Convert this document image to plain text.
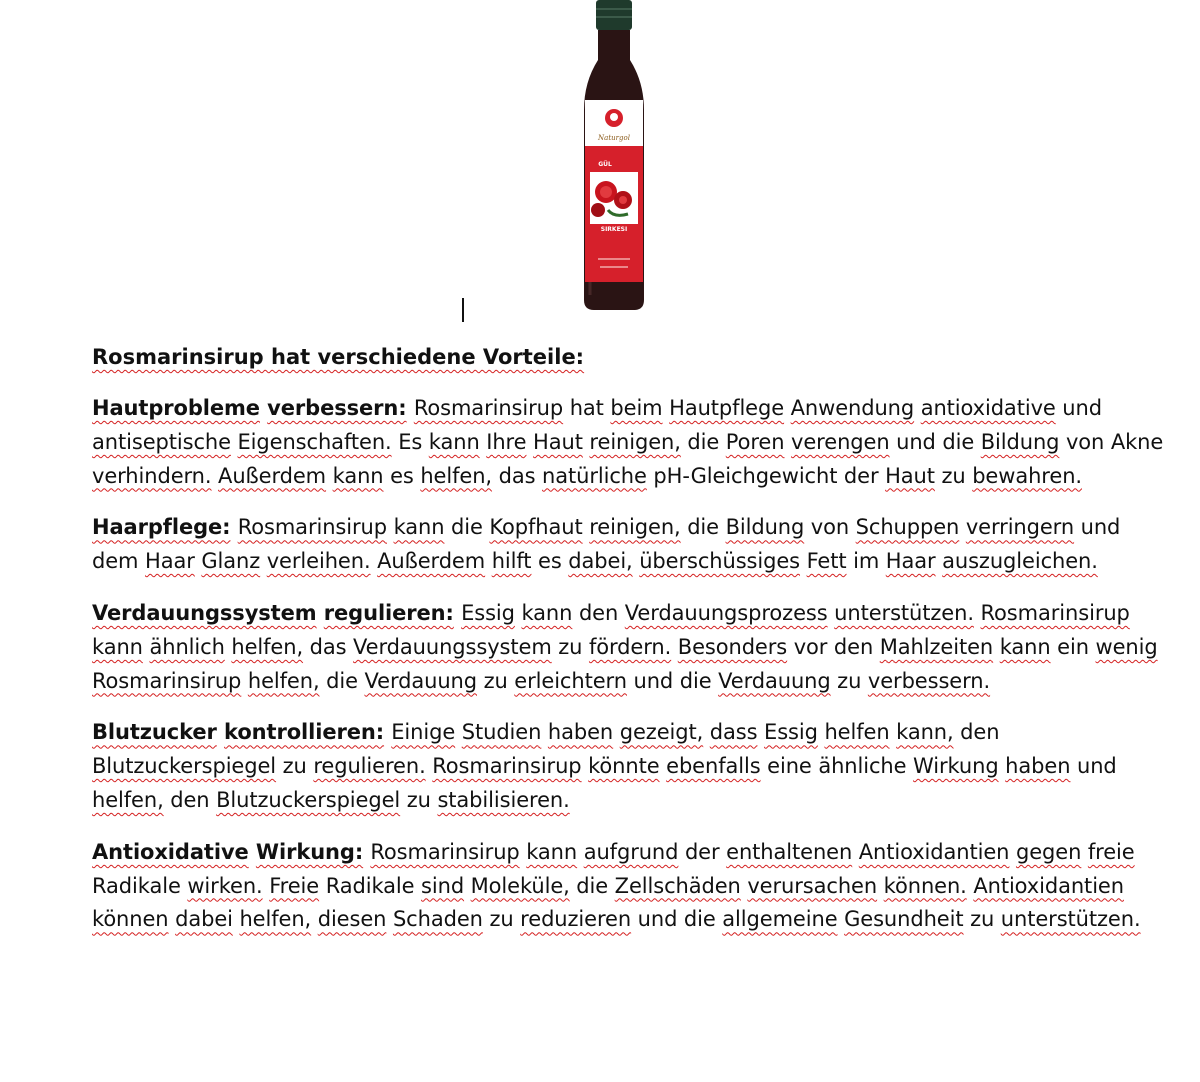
Naturgol
GÜL
SIRKESI
Rosmarinsirup hat verschiedene Vorteile:
Hautprobleme verbessern: Rosmarinsirup hat beim Hautpflege Anwendung antioxidative und antiseptische Eigenschaften. Es kann Ihre Haut reinigen, die Poren verengen und die Bildung von Akne verhindern. Außerdem kann es helfen, das natürliche pH-Gleichgewicht der Haut zu bewahren.
Haarpflege: Rosmarinsirup kann die Kopfhaut reinigen, die Bildung von Schuppen verringern und dem Haar Glanz verleihen. Außerdem hilft es dabei, überschüssiges Fett im Haar auszugleichen.
Verdauungssystem regulieren: Essig kann den Verdauungsprozess unterstützen. Rosmarinsirup kann ähnlich helfen, das Verdauungssystem zu fördern. Besonders vor den Mahlzeiten kann ein wenig Rosmarinsirup helfen, die Verdauung zu erleichtern und die Verdauung zu verbessern.
Blutzucker kontrollieren: Einige Studien haben gezeigt, dass Essig helfen kann, den Blutzuckerspiegel zu regulieren. Rosmarinsirup könnte ebenfalls eine ähnliche Wirkung haben und helfen, den Blutzuckerspiegel zu stabilisieren.
Antioxidative Wirkung: Rosmarinsirup kann aufgrund der enthaltenen Antioxidantien gegen freie Radikale wirken. Freie Radikale sind Moleküle, die Zellschäden verursachen können. Antioxidantien können dabei helfen, diesen Schaden zu reduzieren und die allgemeine Gesundheit zu unterstützen.
